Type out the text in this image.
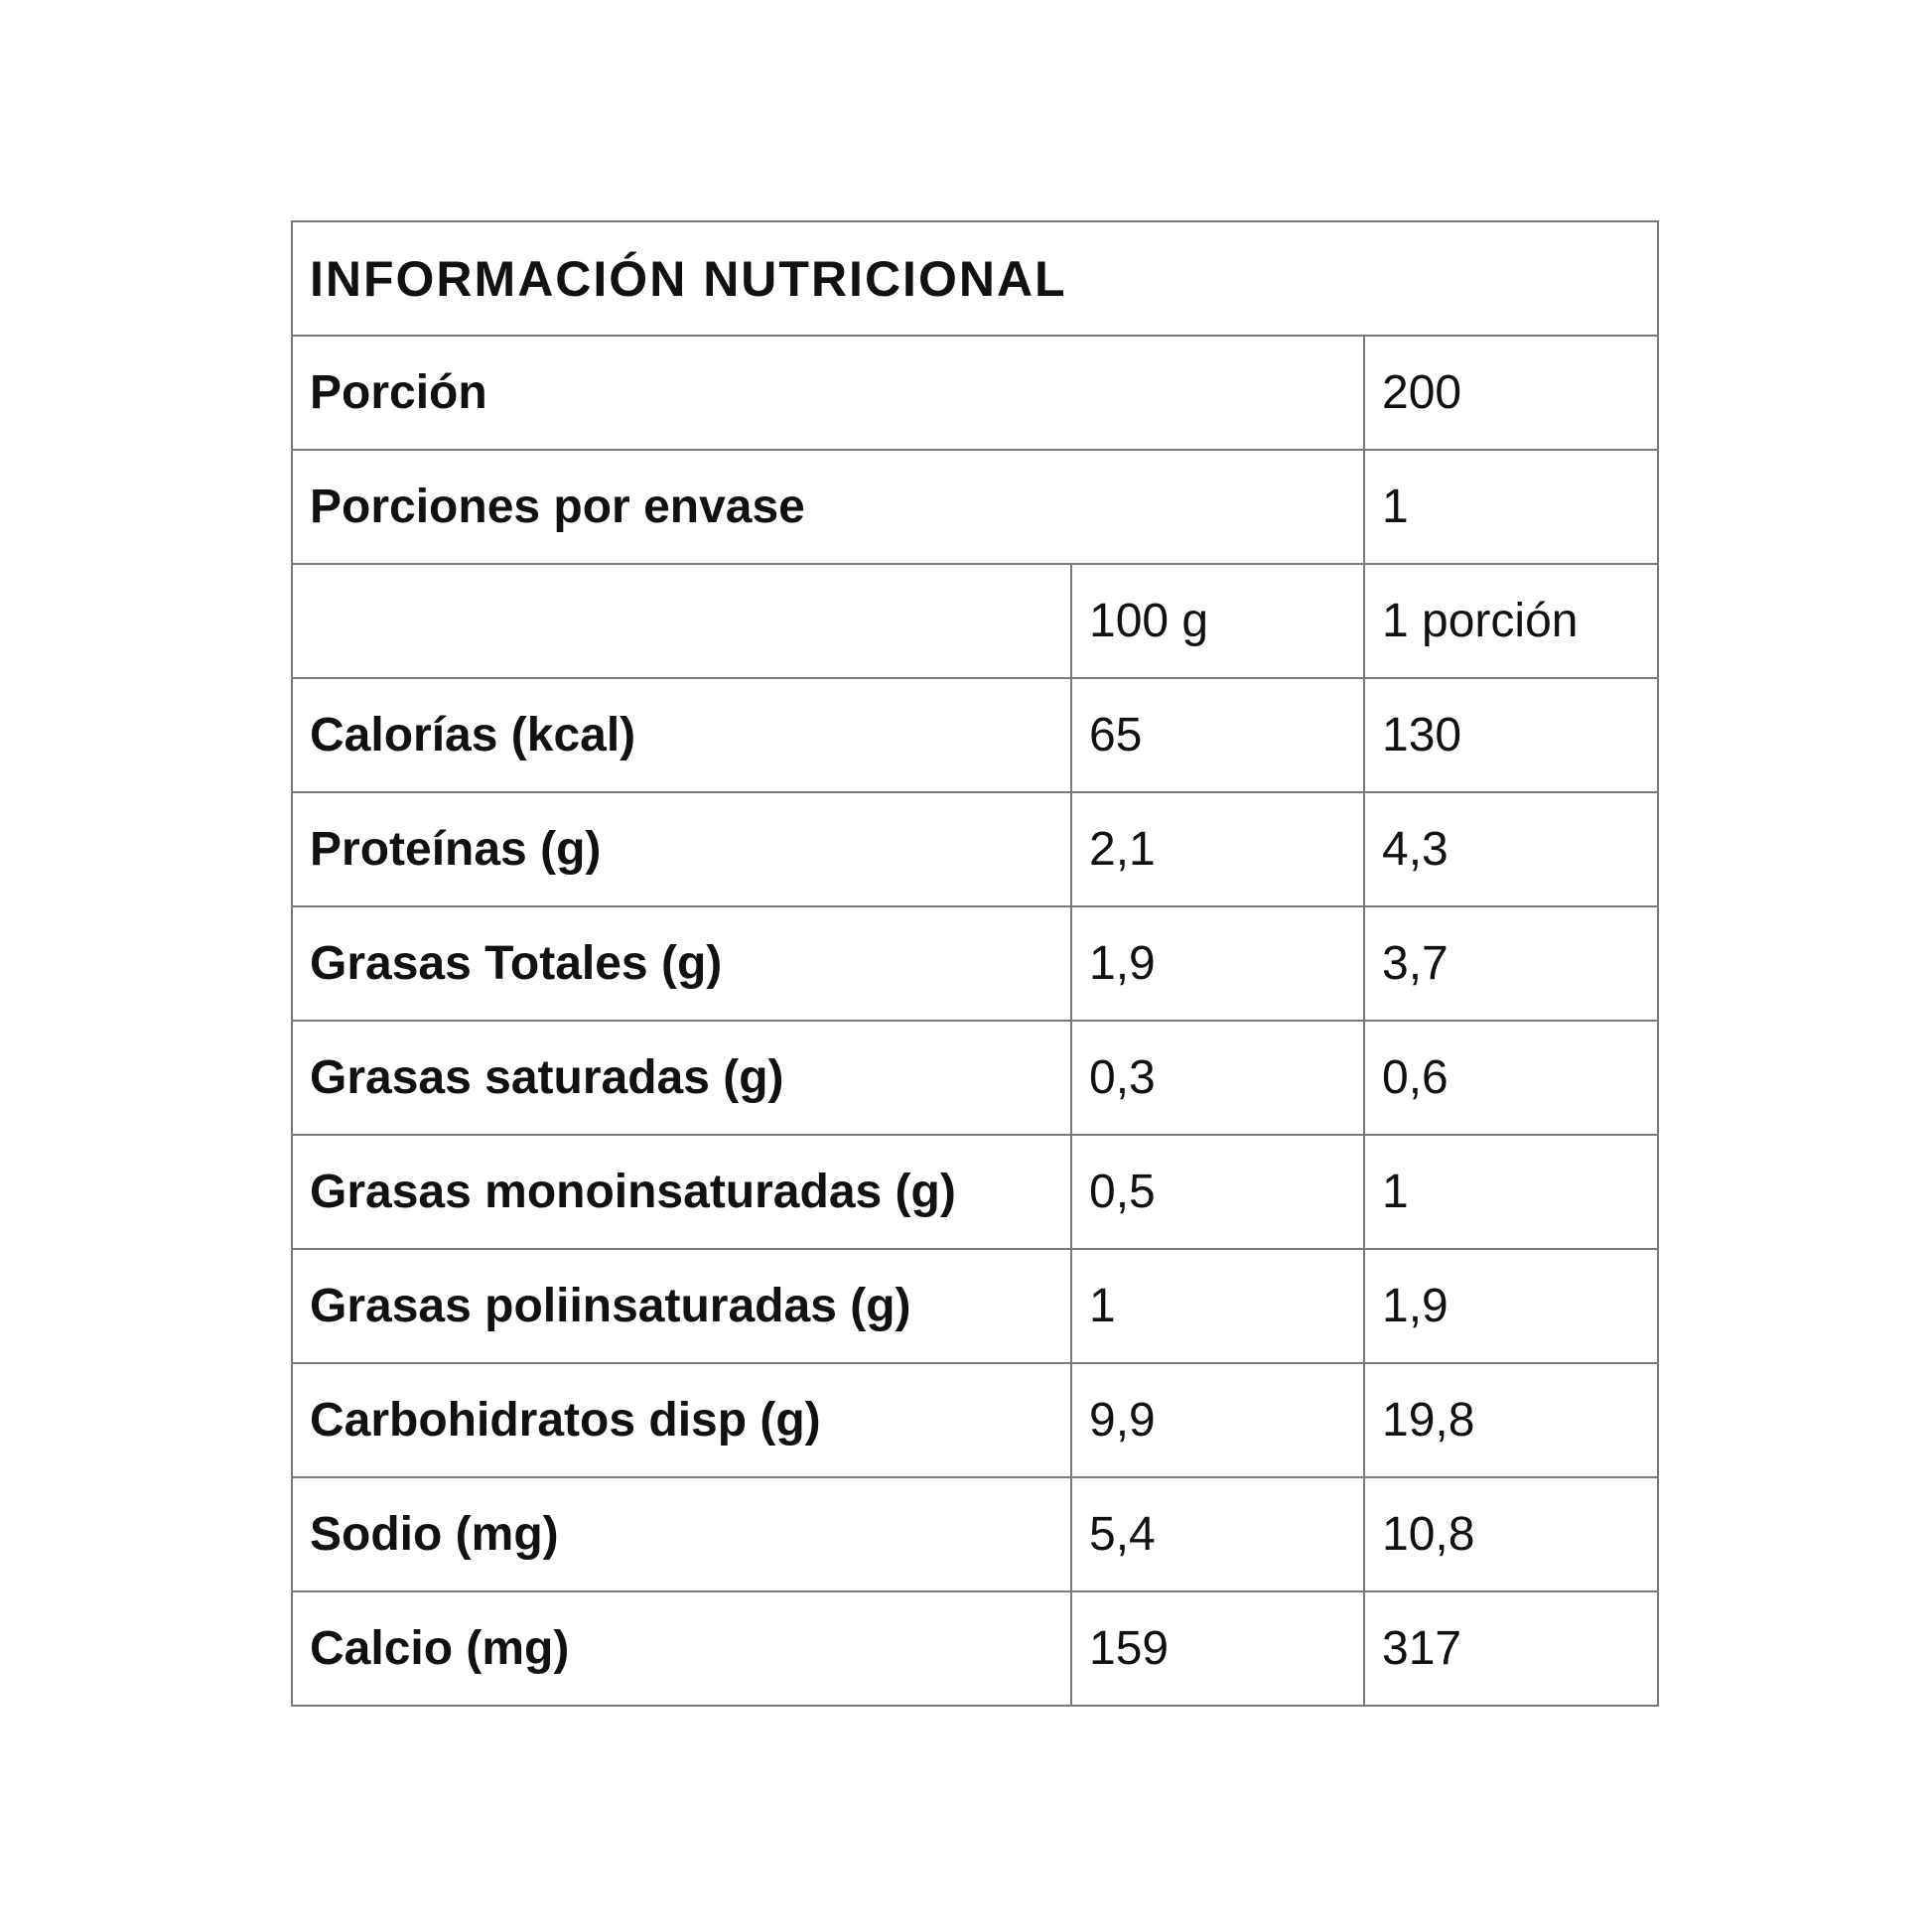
INFORMACIÓN NUTRICIONAL		
Porción		200
Porciones por envase		1
	100 g	1 porción
Calorías (kcal)	65	130
Proteínas (g)	2,1	4,3
Grasas Totales (g)	1,9	3,7
Grasas saturadas (g)	0,3	0,6
Grasas monoinsaturadas (g)	0,5	1
Grasas poliinsaturadas (g)	1	1,9
Carbohidratos disp (g)	9,9	19,8
Sodio (mg)	5,4	10,8
Calcio (mg)	159	317
